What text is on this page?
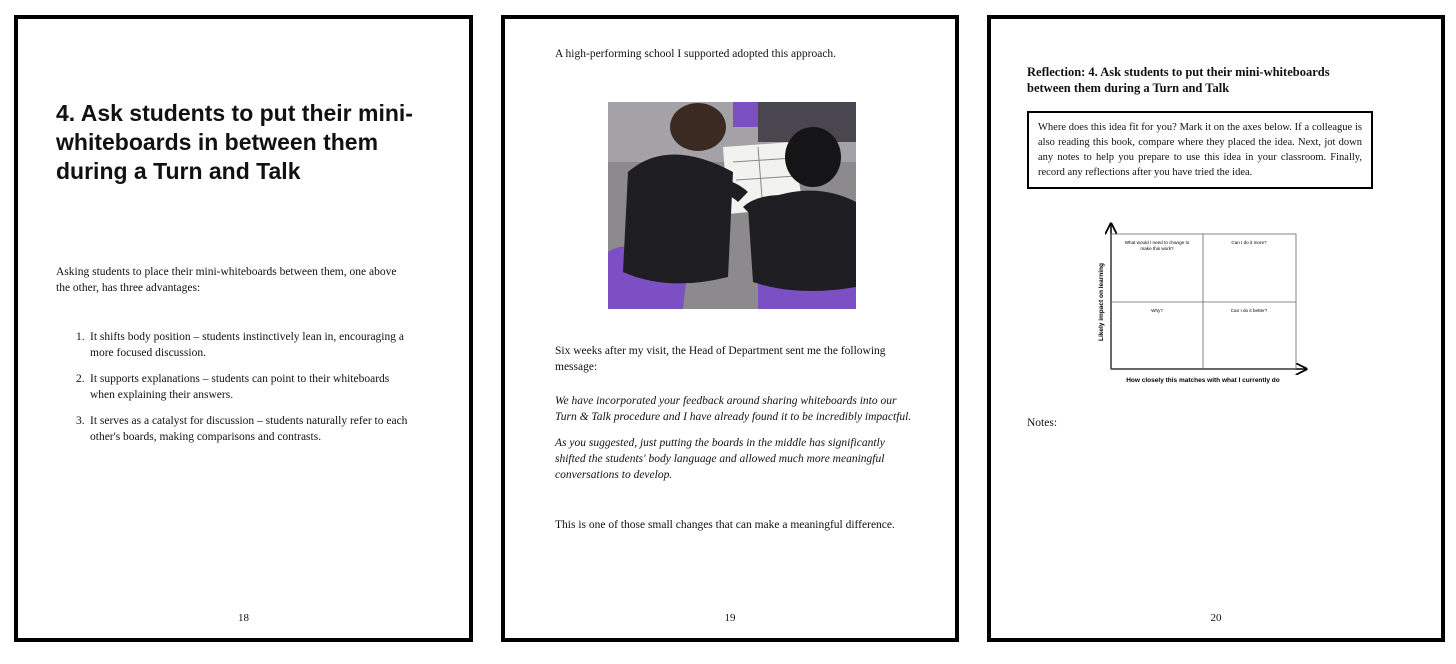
4. Ask students to put their mini-whiteboards in between them during a Turn and Talk

Asking students to place their mini-whiteboards between them, one above the other, has three advantages:

1. It shifts body position – students instinctively lean in, encouraging a more focused discussion.
2. It supports explanations – students can point to their whiteboards when explaining their answers.
3. It serves as a catalyst for discussion – students naturally refer to each other's boards, making comparisons and contrasts.
18

A high-performing school I supported adopted this approach.

Six weeks after my visit, the Head of Department sent me the following message:

We have incorporated your feedback around sharing whiteboards into our Turn & Talk procedure and I have already found it to be incredibly impactful.

As you suggested, just putting the boards in the middle has significantly shifted the students' body language and allowed much more meaningful conversations to develop.

This is one of those small changes that can make a meaningful difference.

19

Reflection: 4. Ask students to put their mini-whiteboards between them during a Turn and Talk

Where does this idea fit for you? Mark it on the axes below. If a colleague is also reading this book, compare where they placed the idea. Next, jot down any notes to help you prepare to use this idea in your classroom. Finally, record any reflections after you have tried the idea.
What would I need to change to make this work?
Can I do it more?
Why?	Can I do it better?
Likely impact on learning
How closely this matches with what I currently do

Notes:

20
